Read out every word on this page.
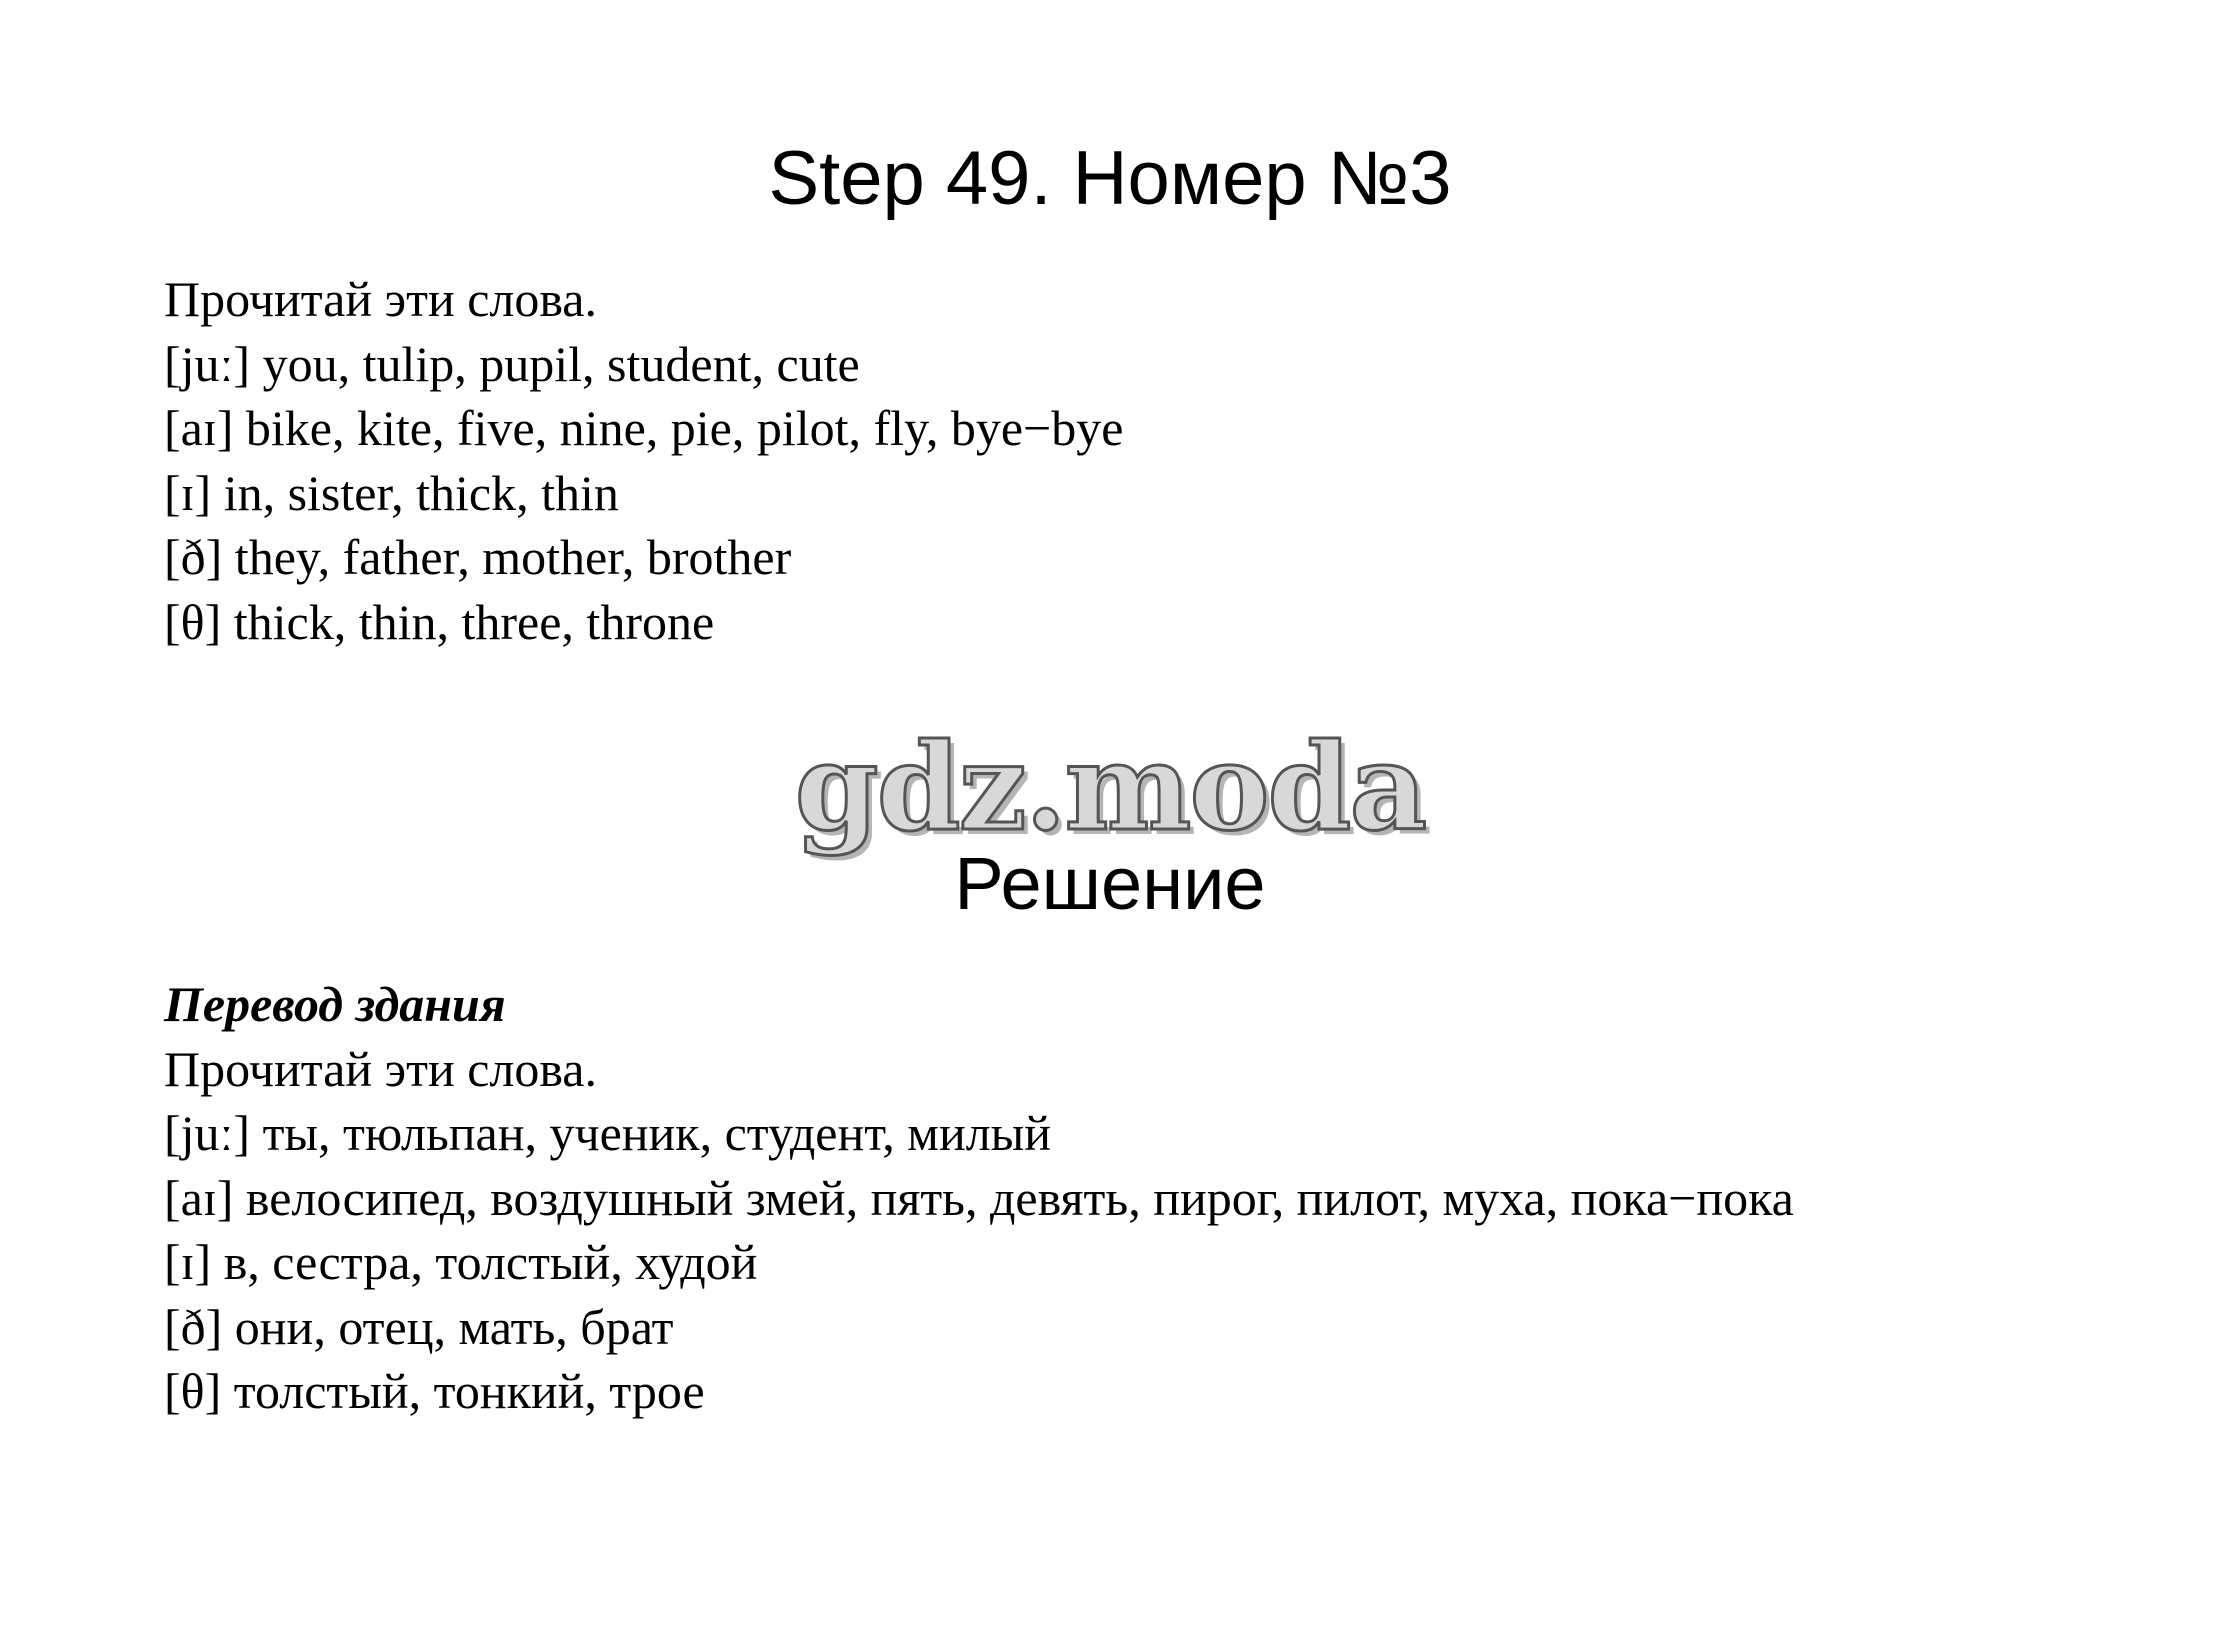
Step 49. Номер №3
Прочитай эти слова.
[juː] you, tulip, pupil, student, cute
[aɪ] bike, kite, five, nine, pie, pilot, fly, bye−bye
[ɪ] in, sister, thick, thin
[ð] they, father, mother, brother
[θ] thick, thin, three, throne
gdz.moda
Решение
Перевод здания
Прочитай эти слова.
[juː] ты, тюльпан, ученик, студент, милый
[aɪ] велосипед, воздушный змей, пять, девять, пирог, пилот, муха, пока−пока
[ɪ] в, сестра, толстый, худой
[ð] они, отец, мать, брат
[θ] толстый, тонкий, трое
